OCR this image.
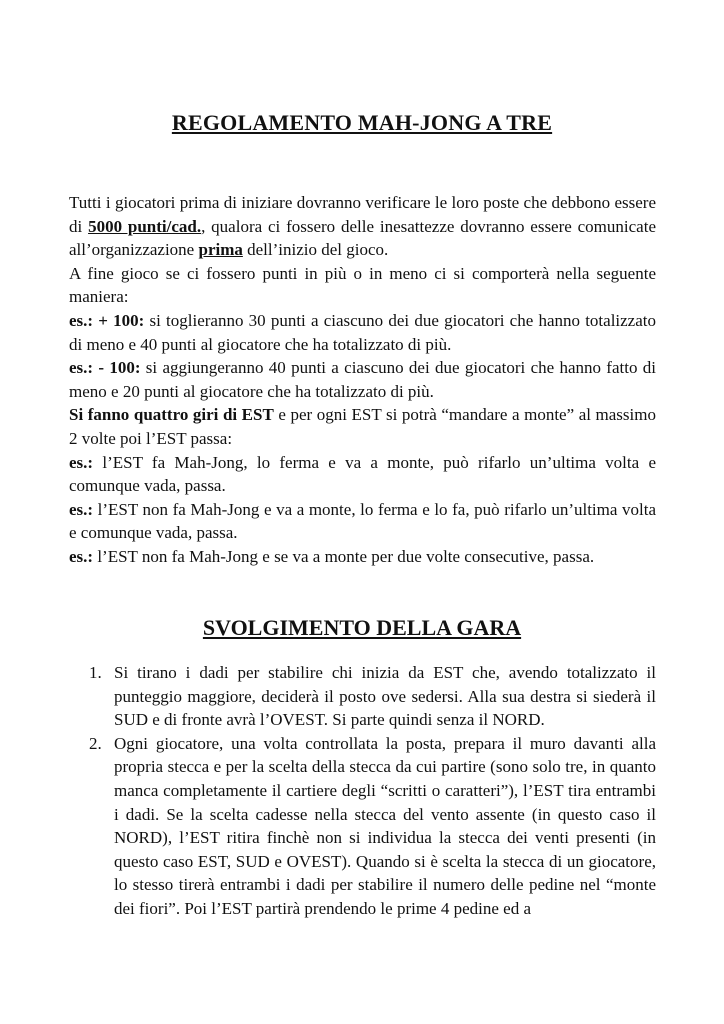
REGOLAMENTO MAH-JONG A TRE

Tutti i giocatori prima di iniziare dovranno verificare le loro poste che debbono essere di 5000 punti/cad., qualora ci fossero delle inesattezze dovranno essere comunicate all’organizzazione prima dell’inizio del gioco.

A fine gioco se ci fossero punti in più o in meno ci si comporterà nella seguente maniera:

es.: + 100: si toglieranno 30 punti a ciascuno dei due giocatori che hanno totalizzato di meno e 40 punti al giocatore che ha totalizzato di più.

es.: - 100: si aggiungeranno 40 punti a ciascuno dei due giocatori che hanno fatto di meno e 20 punti al giocatore che ha totalizzato di più.

Si fanno quattro giri di EST e per ogni EST si potrà “mandare a monte” al massimo 2 volte poi l’EST passa:

es.: l’EST fa Mah-Jong, lo ferma e va a monte, può rifarlo un’ultima volta e comunque vada, passa.

es.: l’EST non fa Mah-Jong e va a monte, lo ferma e lo fa, può rifarlo un’ultima volta e comunque vada, passa.

es.: l’EST non fa Mah-Jong e se va a monte per due volte consecutive, passa.

SVOLGIMENTO DELLA GARA
1. Si tirano i dadi per stabilire chi inizia da EST che, avendo totalizzato il punteggio maggiore, deciderà il posto ove sedersi. Alla sua destra si siederà il SUD e di fronte avrà l’OVEST. Si parte quindi senza il NORD.
2. Ogni giocatore, una volta controllata la posta, prepara il muro davanti alla propria stecca e per la scelta della stecca da cui partire (sono solo tre, in quanto manca completamente il cartiere degli “scritti o caratteri”), l’EST tira entrambi i dadi. Se la scelta cadesse nella stecca del vento assente (in questo caso il NORD), l’EST ritira finchè non si individua la stecca dei venti presenti (in questo caso EST, SUD e OVEST). Quando si è scelta la stecca di un giocatore, lo stesso tirerà entrambi i dadi per stabilire il numero delle pedine nel “monte dei fiori”. Poi l’EST partirà prendendo le prime 4 pedine ed a
